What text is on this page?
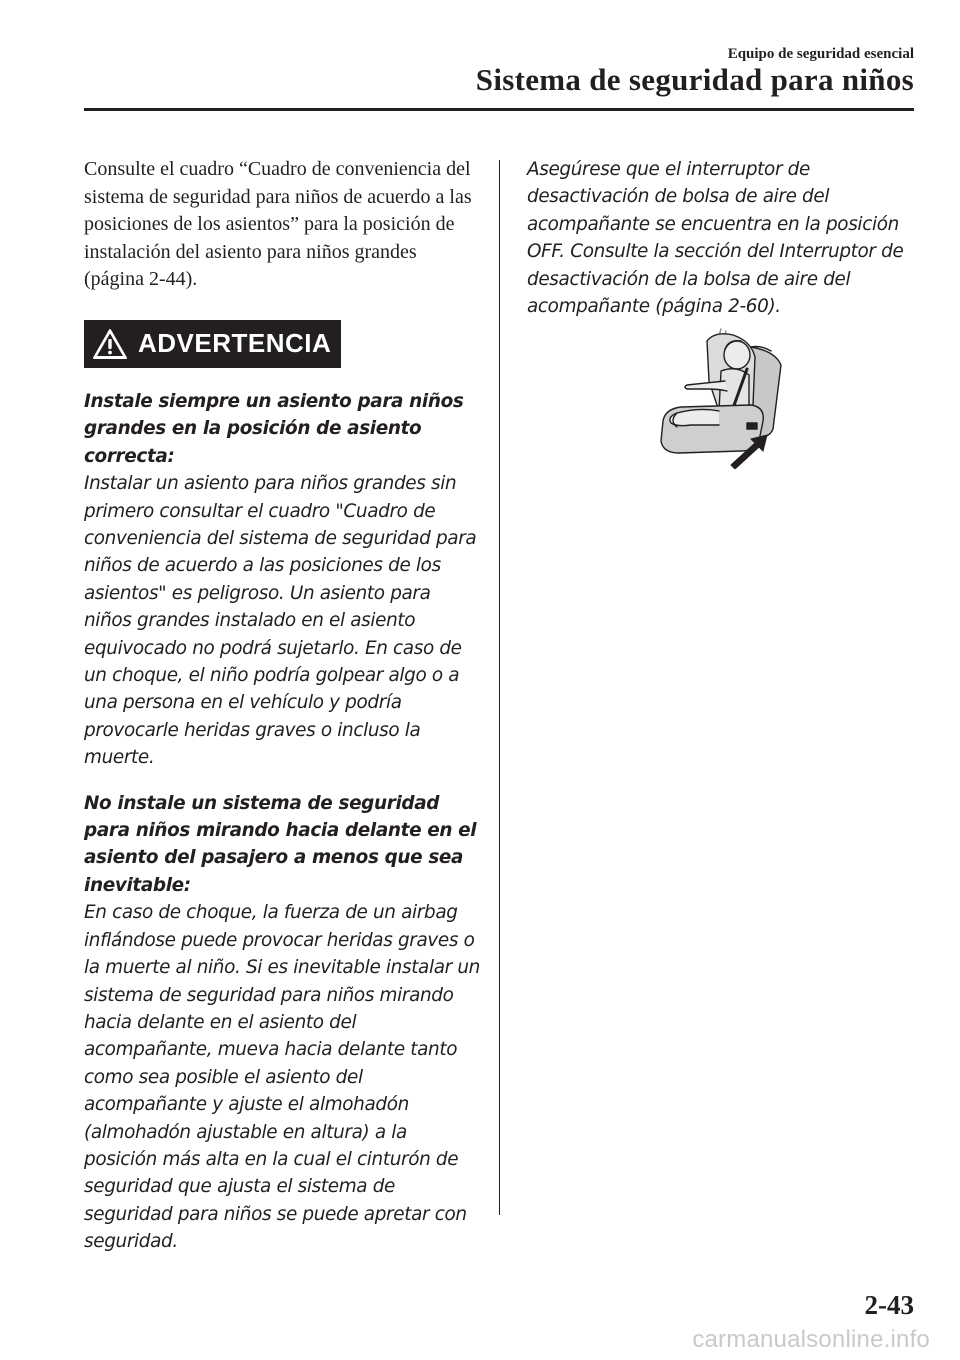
Equipo de seguridad esencial
Sistema de seguridad para niños

Consulte el cuadro “Cuadro de conveniencia del sistema de seguridad para niños de acuerdo a las posiciones de los asientos” para la posición de instalación del asiento para niños grandes (página 2-44).

ADVERTENCIA

Instale siempre un asiento para niños grandes en la posición de asiento correcta:

Instalar un asiento para niños grandes sin primero consultar el cuadro "Cuadro de conveniencia del sistema de seguridad para niños de acuerdo a las posiciones de los asientos" es peligroso. Un asiento para niños grandes instalado en el asiento equivocado no podrá sujetarlo. En caso de un choque, el niño podría golpear algo o a una persona en el vehículo y podría provocarle heridas graves o incluso la muerte.

No instale un sistema de seguridad para niños mirando hacia delante en el asiento del pasajero a menos que sea inevitable:

En caso de choque, la fuerza de un airbag inflándose puede provocar heridas graves o la muerte al niño. Si es inevitable instalar un sistema de seguridad para niños mirando hacia delante en el asiento del acompañante, mueva hacia delante tanto como sea posible el asiento del acompañante y ajuste el almohadón (almohadón ajustable en altura) a la posición más alta en la cual el cinturón de seguridad que ajusta el sistema de seguridad para niños se puede apretar con seguridad.

Asegúrese que el interruptor de desactivación de bolsa de aire del acompañante se encuentra en la posición OFF. Consulte la sección del Interruptor de desactivación de la bolsa de aire del acompañante (página 2-60).

2-43
carmanualsonline.info
